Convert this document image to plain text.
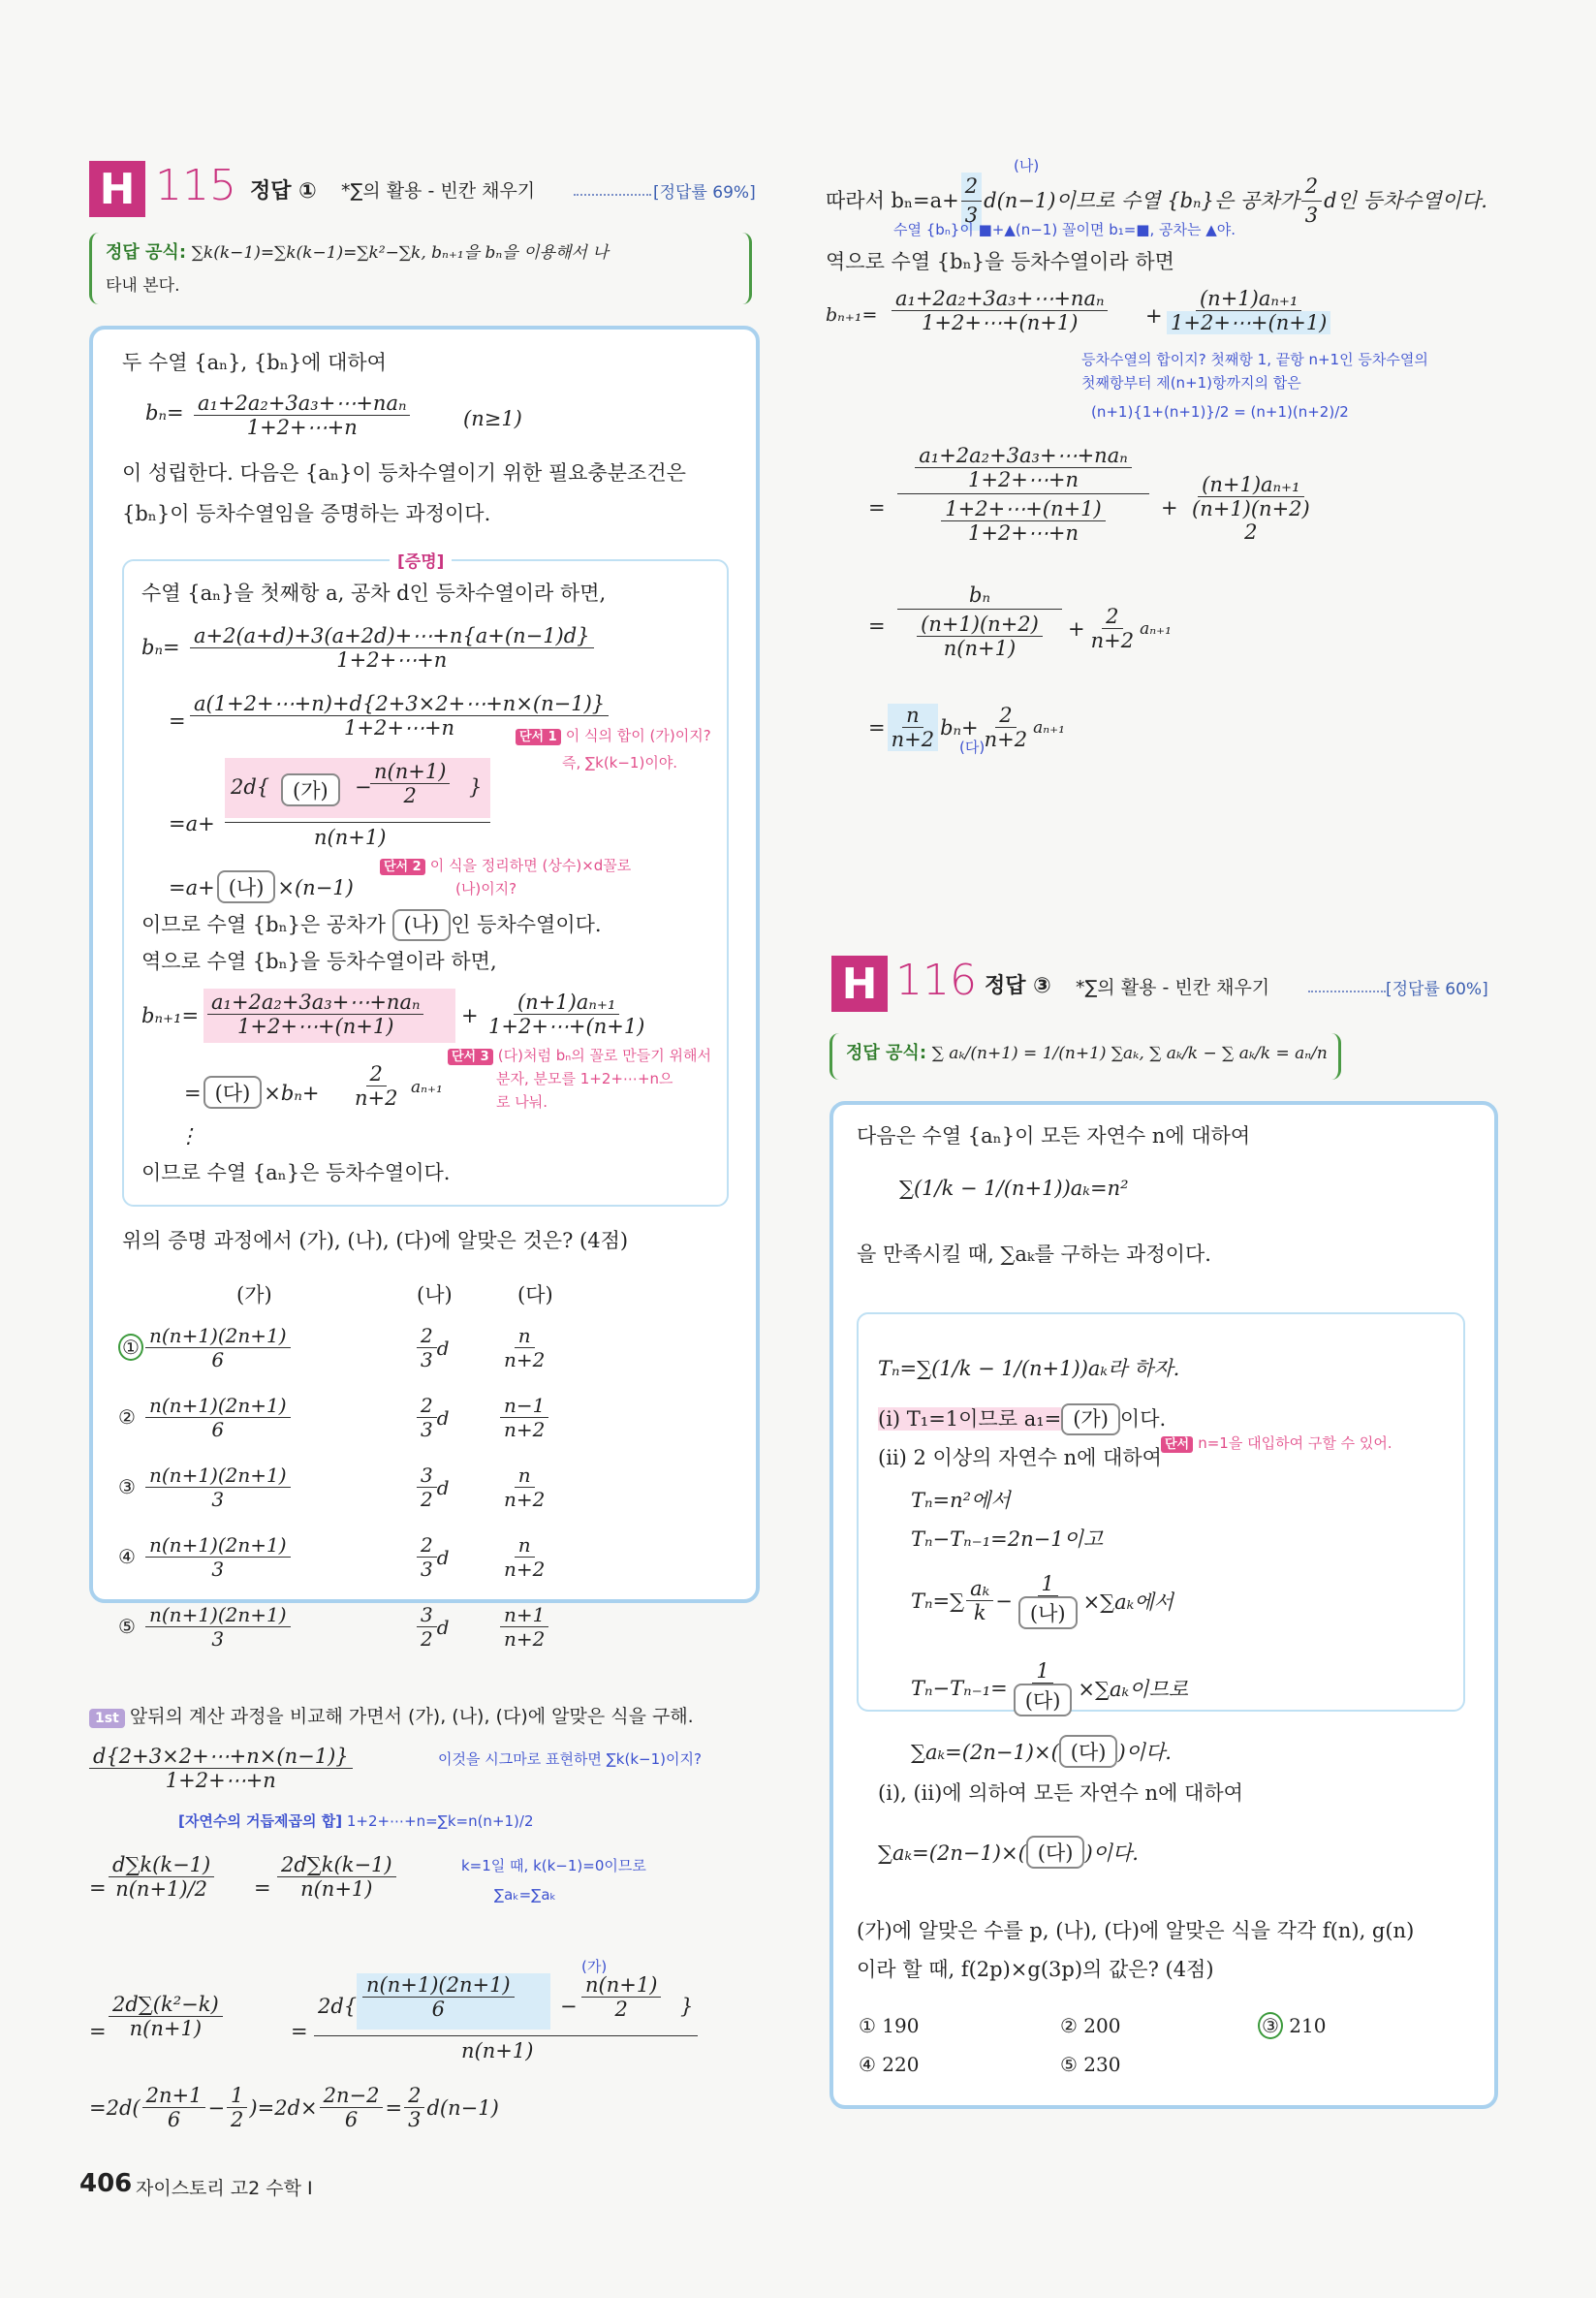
H 115 정답 ① *∑의 활용 - 빈칸 채우기	[정답률 69%]
정답 공식: ∑k(k−1)=∑k(k−1)=∑k²−∑k, bₙ₊₁을 bₙ을 이용해서 나
타내 본다.
두 수열 {aₙ}, {bₙ}에 대하여
bₙ= a₁+2a₂+3a₃+⋯+naₙ
1+2+⋯+n	(n≥1)
이 성립한다. 다음은 {aₙ}이 등차수열이기 위한 필요충분조건은
{bₙ}이 등차수열임을 증명하는 과정이다.
[증명]
수열 {aₙ}을 첫째항 a, 공차 d인 등차수열이라 하면,
$b_n= \frac{a+2(a+d)+3(a+2d)+\cdots+n\{a+(n-1)d\}}{1+2+\cdots+n}$
= $\frac{a(1+2+\cdots+n)+d\{2+3\times 2+\cdots+n\times(n-1)\}}{1+2+\cdots+n}$
단서 1 이 식의 합이 (가)이지?
즉, ∑k(k−1)이야.
=a+
2d{	(가)	−
$\frac{n(n+1)}{2}$ }
n(n+1)
단서 2 이 식을 정리하면 (상수)×d꼴로
(나)이지?
=a+ (나) ×(n−1)
이므로 수열 {bₙ}은 공차가 (나) 인 등차수열이다.
역으로 수열 {bₙ}을 등차수열이라 하면,
bₙ₊₁=
a₁+2a₂+3a₃+⋯+naₙ
1+2+⋯+(n+1)	+ $\frac{\text{(n+1)aₙ₊₁}}{1+2+\cdots+(n+1)}$
단서 3 (다)처럼 bₙ의 꼴로 만들기 위해서
분자, 분모를 1+2+⋯+n으
로 나눠.
= (다) $\times b_n+ \frac{2}{n+2} a_{n+1}$
⋮
이므로 수열 {aₙ}은 등차수열이다.
위의 증명 과정에서 (가), (나), (다)에 알맞은 것은? (4점)
(가)	(나)	(다)
① $\frac{n(n+1)(2n+1)}{6}$	$\frac{2}{3}$ d	$\frac{n}{n+2}$
② $\frac{n(n+1)(2n+1)}{6}$	$\frac{2}{3}$ d	$\frac{n-1}{n+2}$
③ $\frac{n(n+1)(2n+1)}{3}$	$\frac{3}{2}$ d	$\frac{n}{n+2}$
④ $\frac{n(n+1)(2n+1)}{3}$	$\frac{2}{3}$ d	$\frac{n}{n+2}$
⑤ $\frac{n(n+1)(2n+1)}{3}$	$\frac{3}{2}$ d	$\frac{n+1}{n+2}$
1st 앞뒤의 계산 과정을 비교해 가면서 (가), (나), (다)에 알맞은 식을 구해.
$\frac{d\{2+3\times 2+\cdots+n\times(n-1)\}}{1+2+\cdots+n}$	이것을 시그마로 표현하면 ∑k(k−1)이지?
[자연수의 거듭제곱의 합] 1+2+⋯+n=∑k=n(n+1)/2
= $\frac{d\sum k(k-1)}{n(n+1)/2} = \frac{2d\sum k(k-1)}{n(n+1)}$	k=1일 때, k(k−1)=0이므로
∑aₖ=∑aₖ
= $\frac{\text{2d∑(k²−k)}}{n(n+1)}$	=
$2d\{ \frac{n(n+1)(2n+1)}{6} - \frac{n(n+1)}{2}$ }
(가)
n(n+1)
$=2d( \frac{2n+1}{6} - \frac{1}{2} )=2d\times \frac{2n-2}{6} = \frac{2}{3} d(n-1)$
따라서 $b_n=a+ \frac{2}{3} d(n-1)$이므로 수열 {bₙ}은 공차가 $\frac{2}{3}$ d인 등차수열이다.
(나)
수열 {bₙ}이 ■+▲(n−1) 꼴이면 b₁=■, 공차는 ▲야.
역으로 수열 {bₙ}을 등차수열이라 하면
bₙ₊₁=
a₁+2a₂+3a₃+⋯+naₙ
1+2+⋯+(n+1)	+ $\frac{\text{(n+1)aₙ₊₁}}{1+2+\cdots+(n+1)}$
등차수열의 합이지? 첫째항 1, 끝항 n+1인 등차수열의
첫째항부터 제(n+1)항까지의 합은
(n+1){1+(n+1)}/2 = (n+1)(n+2)/2
=
$\frac{\text{a₁+2a₂+3a₃+⋯+naₙ}}{1+2+\cdots+n}$
$\frac{1+2+\cdots+(n+1)}{1+2+\cdots+n}$	+ $\frac{\text{(n+1)aₙ₊₁}}{(n+1)(n+2)}$
2
=
bₙ
$\frac{(n+1)(n+2)}{n(n+1)} + \frac{2}{n+2} a_{n+1}$
= $\frac{n}{n+2} b_n+ \frac{2}{n+2} a_{n+1}$
(다)
H 116 정답 ③ *∑의 활용 - 빈칸 채우기	[정답률 60%]
정답 공식: ∑ aₖ/(n+1) = 1/(n+1) ∑aₖ, ∑ aₖ/k − ∑ aₖ/k = aₙ/n
다음은 수열 {aₙ}이 모든 자연수 n에 대하여
∑(1/k − 1/(n+1))aₖ=n²
을 만족시킬 때, ∑aₖ를 구하는 과정이다.
Tₙ=∑(1/k − 1/(n+1))aₖ라 하자.
(ⅰ) T₁=1이므로 a₁= (가) 이다.
단서 n=1을 대입하여 구할 수 있어.
(ⅱ) 2 이상의 자연수 n에 대하여
Tₙ=n²에서
Tₙ−Tₙ₋₁=2n−1이고
$T_n=\sum \frac{\text{aₖ}}{k} - \frac{1}{\text{(나)}} \times\sum a_k$에서
$T_n-T_{n-1}= \frac{1}{\text{(다)}} \times\sum a_k$이므로
∑aₖ=(2n−1)×( (다) )이다.
(ⅰ), (ⅱ)에 의하여 모든 자연수 n에 대하여
∑aₖ=(2n−1)×( (다) )이다.
(가)에 알맞은 수를 p, (나), (다)에 알맞은 식을 각각 f(n), g(n)
이라 할 때, f(2p)×g(3p)의 값은? (4점)
① 190	② 200	③ 210
④ 220	⑤ 230
406 자이스토리 고2 수학 Ⅰ
